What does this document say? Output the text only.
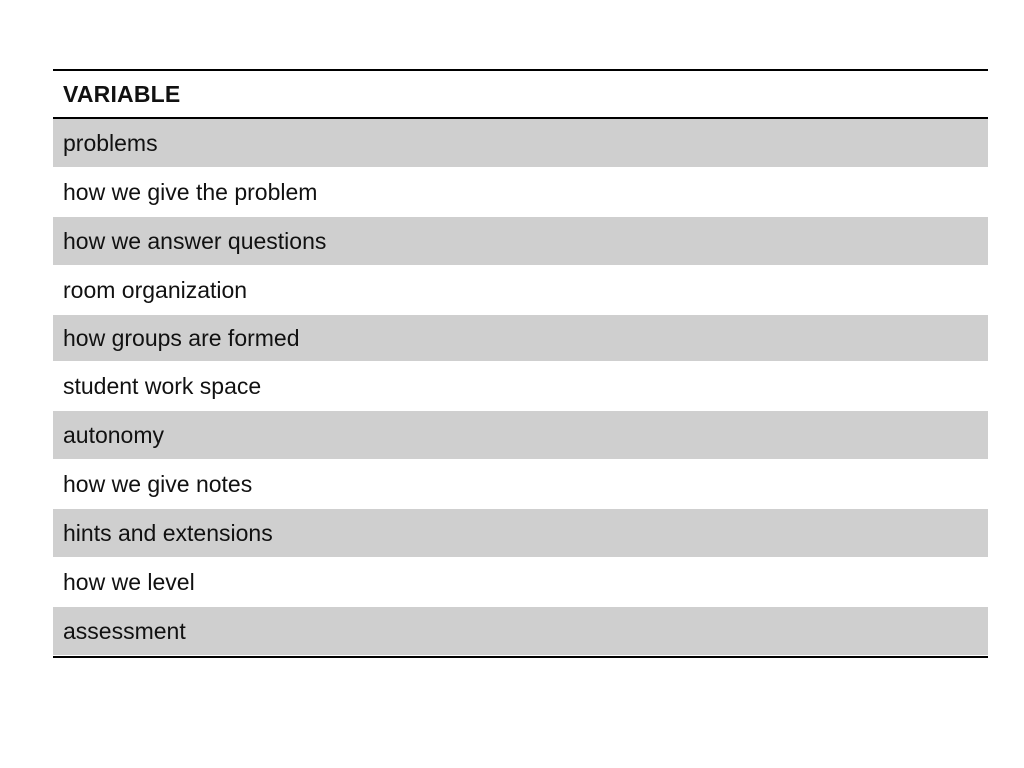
VARIABLE
problems
how we give the problem
how we answer questions
room organization
how groups are formed
student work space
autonomy
how we give notes
hints and extensions
how we level
assessment
